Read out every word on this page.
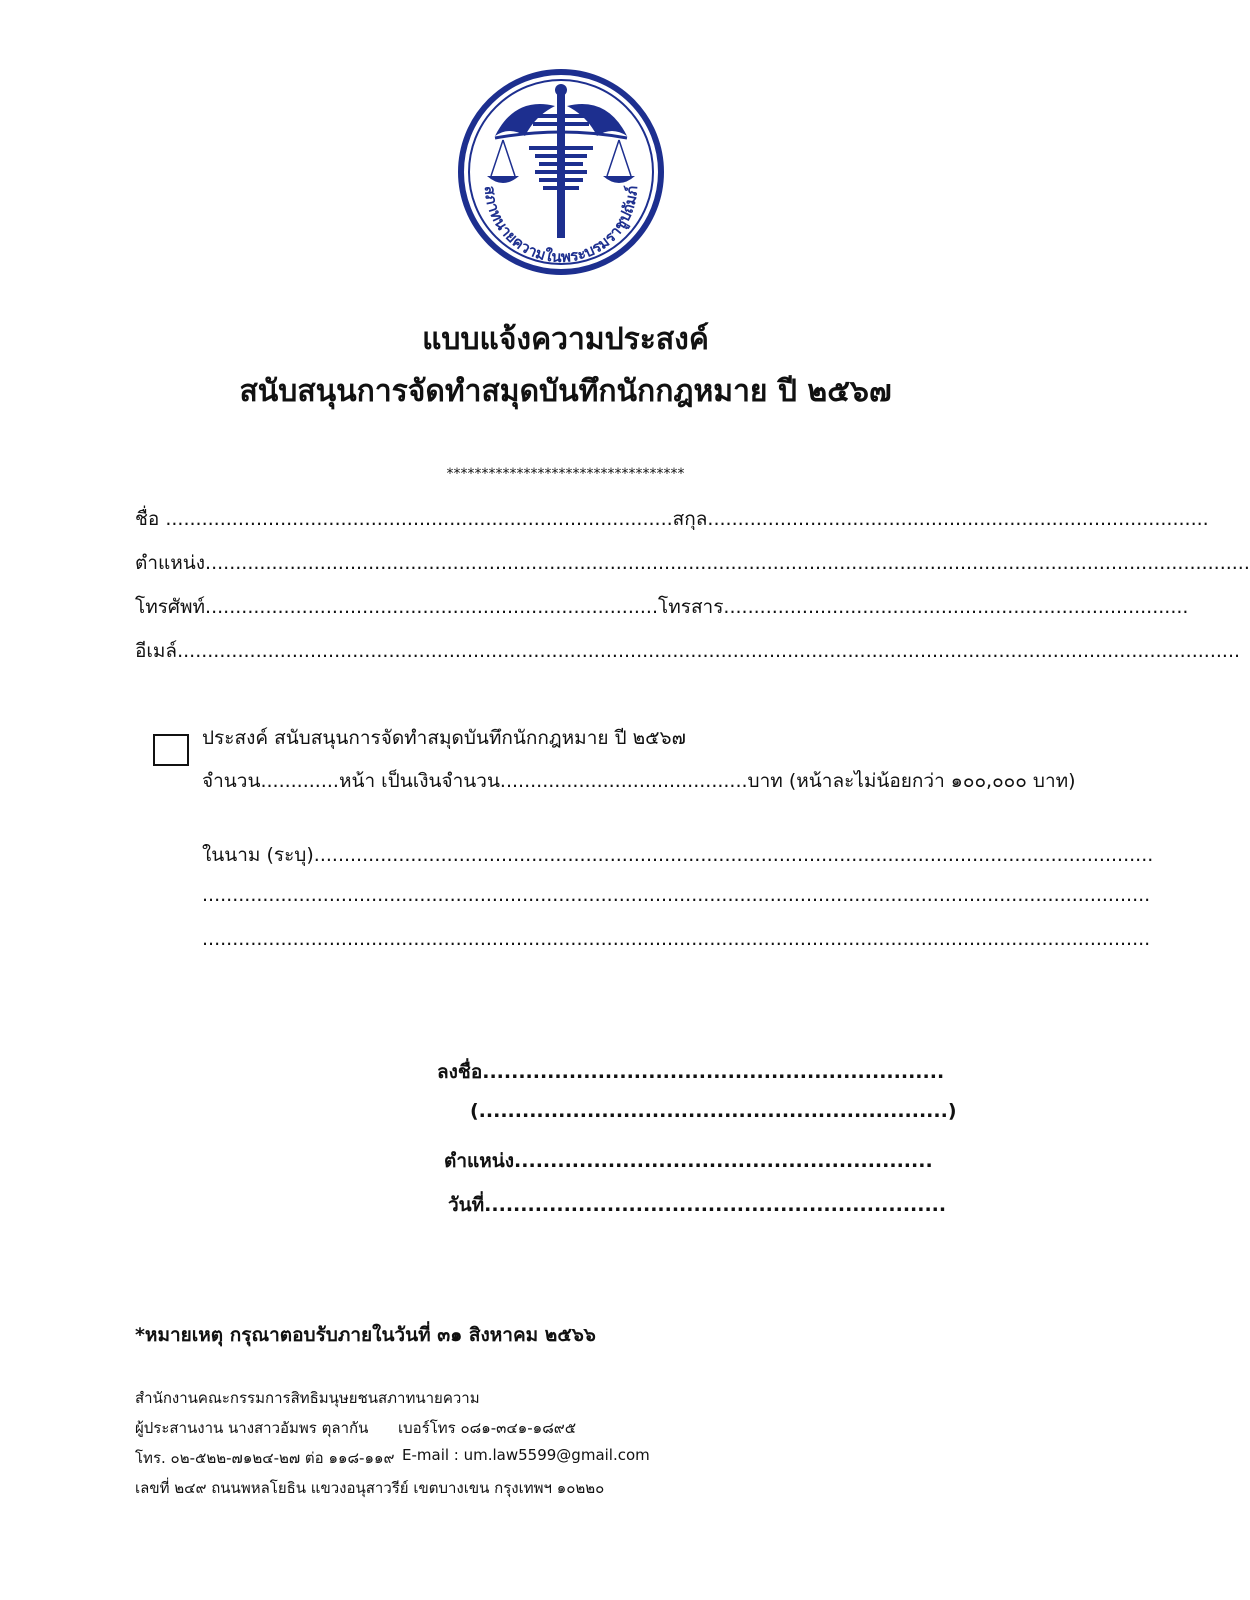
สภาทนายความในพระบรมราชูปถัมภ์
แบบแจ้งความประสงค์
สนับสนุนการจัดทำสมุดบันทึกนักกฎหมาย ปี ๒๕๖๗
**********************************
ชื่อ ....................................................................................สกุล...................................................................................
ตำแหน่ง.............................................................................................................................................................................
โทรศัพท์...........................................................................โทรสาร.............................................................................
อีเมล์................................................................................................................................................................................
ประสงค์ สนับสนุนการจัดทำสมุดบันทึกนักกฎหมาย ปี ๒๕๖๗
จำนวน.............หน้า เป็นเงินจำนวน.........................................บาท (หน้าละไม่น้อยกว่า ๑๐๐,๐๐๐ บาท)
ในนาม (ระบุ)...........................................................................................................................................
.............................................................................................................................................................
.............................................................................................................................................................
ลงชื่อ................................................................
(.................................................................)
ตำแหน่ง..........................................................
วันที่................................................................
*หมายเหตุ กรุณาตอบรับภายในวันที่ ๓๑ สิงหาคม ๒๕๖๖
สำนักงานคณะกรรมการสิทธิมนุษยชนสภาทนายความ
ผู้ประสานงาน นางสาวอัมพร ตุลากัน เบอร์โทร ๐๘๑-๓๔๑-๑๘๙๕
โทร. ๐๒-๕๒๒-๗๑๒๔-๒๗ ต่อ ๑๑๘-๑๑๙ E-mail : um.law5599@gmail.com
เลขที่ ๒๔๙ ถนนพหลโยธิน แขวงอนุสาวรีย์ เขตบางเขน กรุงเทพฯ ๑๐๒๒๐
